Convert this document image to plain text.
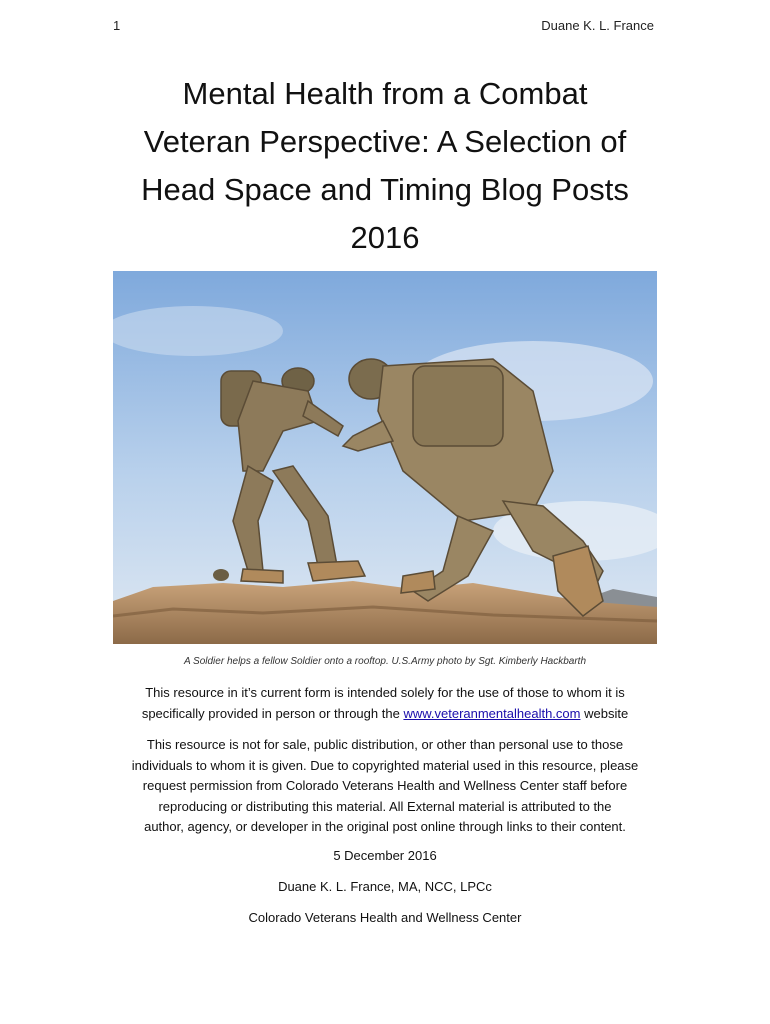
1	Duane K. L. France
Mental Health from a Combat
Veteran Perspective: A Selection of
Head Space and Timing Blog Posts
2016
A Soldier helps a fellow Soldier onto a rooftop. U.S.Army photo by Sgt. Kimberly Hackbarth
This resource in it’s current form is intended solely for the use of those to whom it is
specifically provided in person or through the www.veteranmentalhealth.com website
This resource is not for sale, public distribution, or other than personal use to those
individuals to whom it is given. Due to copyrighted material used in this resource, please
request permission from Colorado Veterans Health and Wellness Center staff before
reproducing or distributing this material. All External material is attributed to the
author, agency, or developer in the original post online through links to their content.
5 December 2016
Duane K. L. France, MA, NCC, LPCc
Colorado Veterans Health and Wellness Center
